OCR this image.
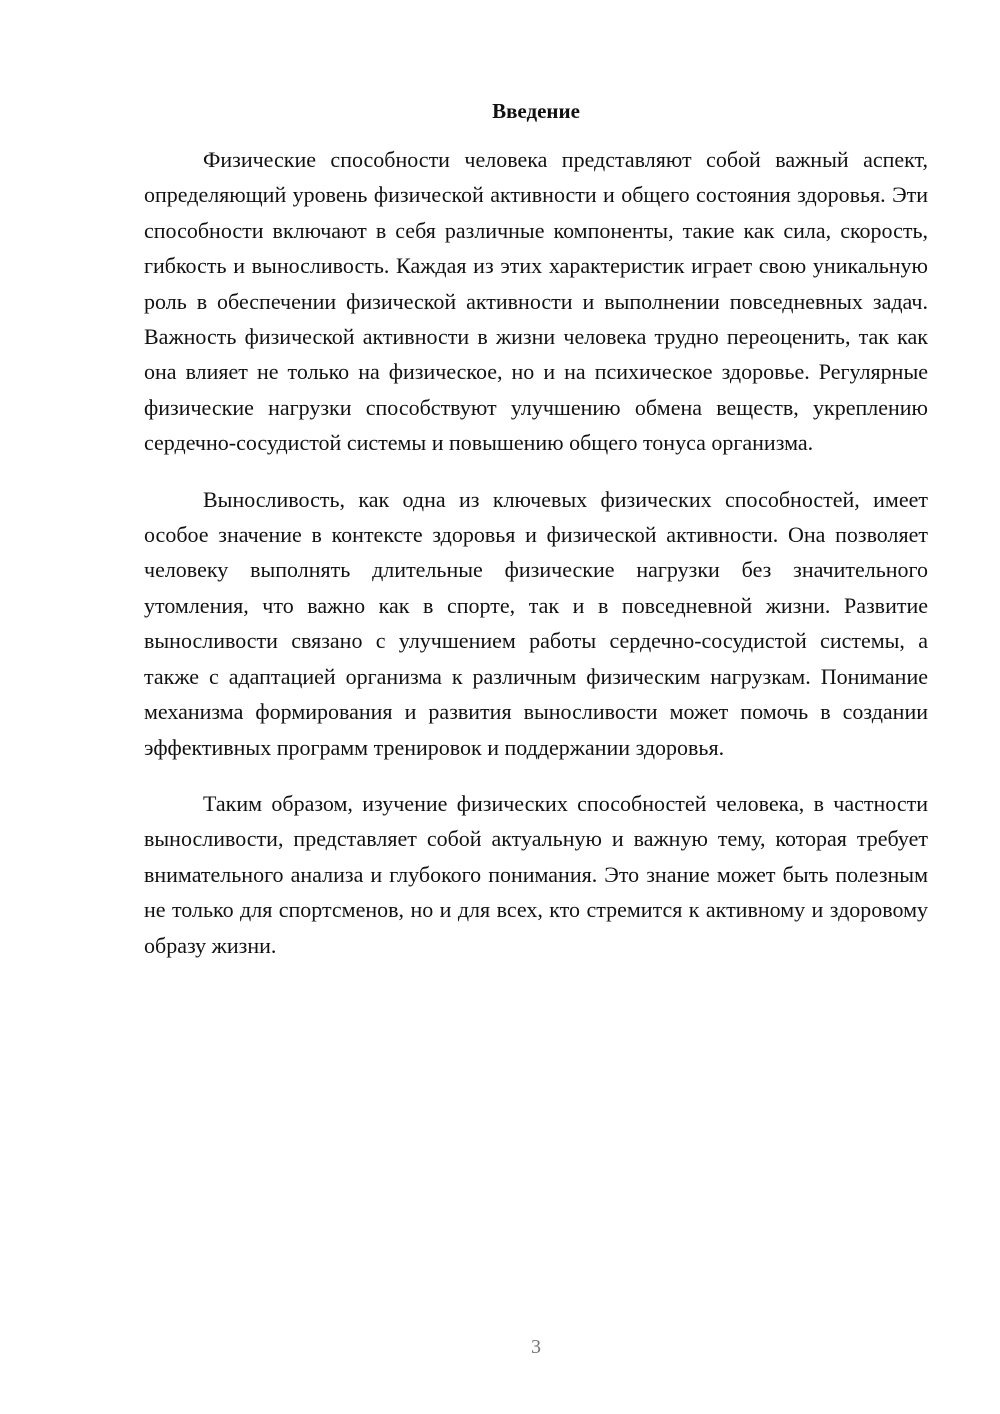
Введение

Физические способности человека представляют собой важный аспект, определяющий уровень физической активности и общего состояния здоровья. Эти способности включают в себя различные компоненты, такие как сила, скорость, гибкость и выносливость. Каждая из этих характеристик играет свою уникальную роль в обеспечении физической активности и выполнении повседневных задач. Важность физической активности в жизни человека трудно переоценить, так как она влияет не только на физическое, но и на психическое здоровье. Регулярные физические нагрузки способствуют улучшению обмена веществ, укреплению сердечно-сосудистой системы и повышению общего тонуса организма.

Выносливость, как одна из ключевых физических способностей, имеет особое значение в контексте здоровья и физической активности. Она позволяет человеку выполнять длительные физические нагрузки без значительного утомления, что важно как в спорте, так и в повседневной жизни. Развитие выносливости связано с улучшением работы сердечно-сосудистой системы, а также с адаптацией организма к различным физическим нагрузкам. Понимание механизма формирования и развития выносливости может помочь в создании эффективных программ тренировок и поддержании здоровья.

Таким образом, изучение физических способностей человека, в частности выносливости, представляет собой актуальную и важную тему, которая требует внимательного анализа и глубокого понимания. Это знание может быть полезным не только для спортсменов, но и для всех, кто стремится к активному и здоровому образу жизни.

3
